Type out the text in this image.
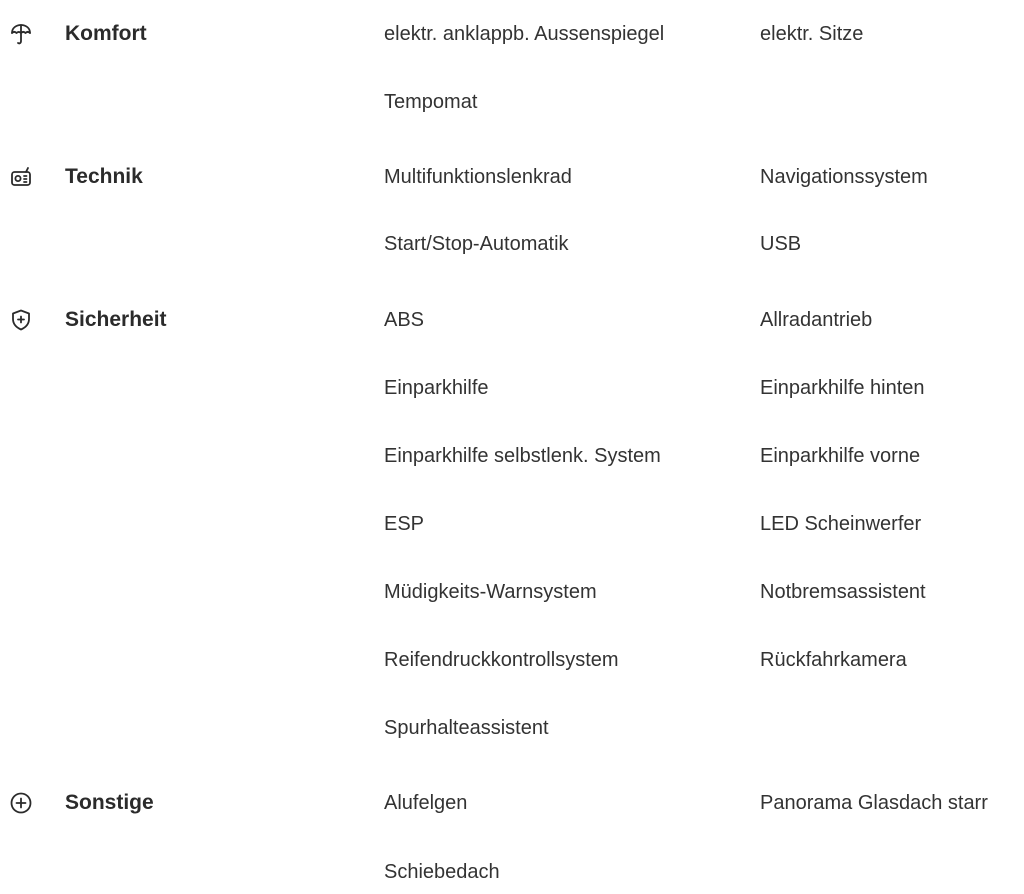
Komfort	elektr. anklappb. Aussenspiegel	elektr. Sitze
Tempomat
Technik	Multifunktionslenkrad	Navigationssystem
Start/Stop-Automatik	USB
Sicherheit	ABS	Allradantrieb
Einparkhilfe	Einparkhilfe hinten
Einparkhilfe selbstlenk. System	Einparkhilfe vorne
ESP	LED Scheinwerfer
Müdigkeits-Warnsystem	Notbremsassistent
Reifendruckkontrollsystem	Rückfahrkamera
Spurhalteassistent
Sonstige	Alufelgen	Panorama Glasdach starr
Schiebedach
